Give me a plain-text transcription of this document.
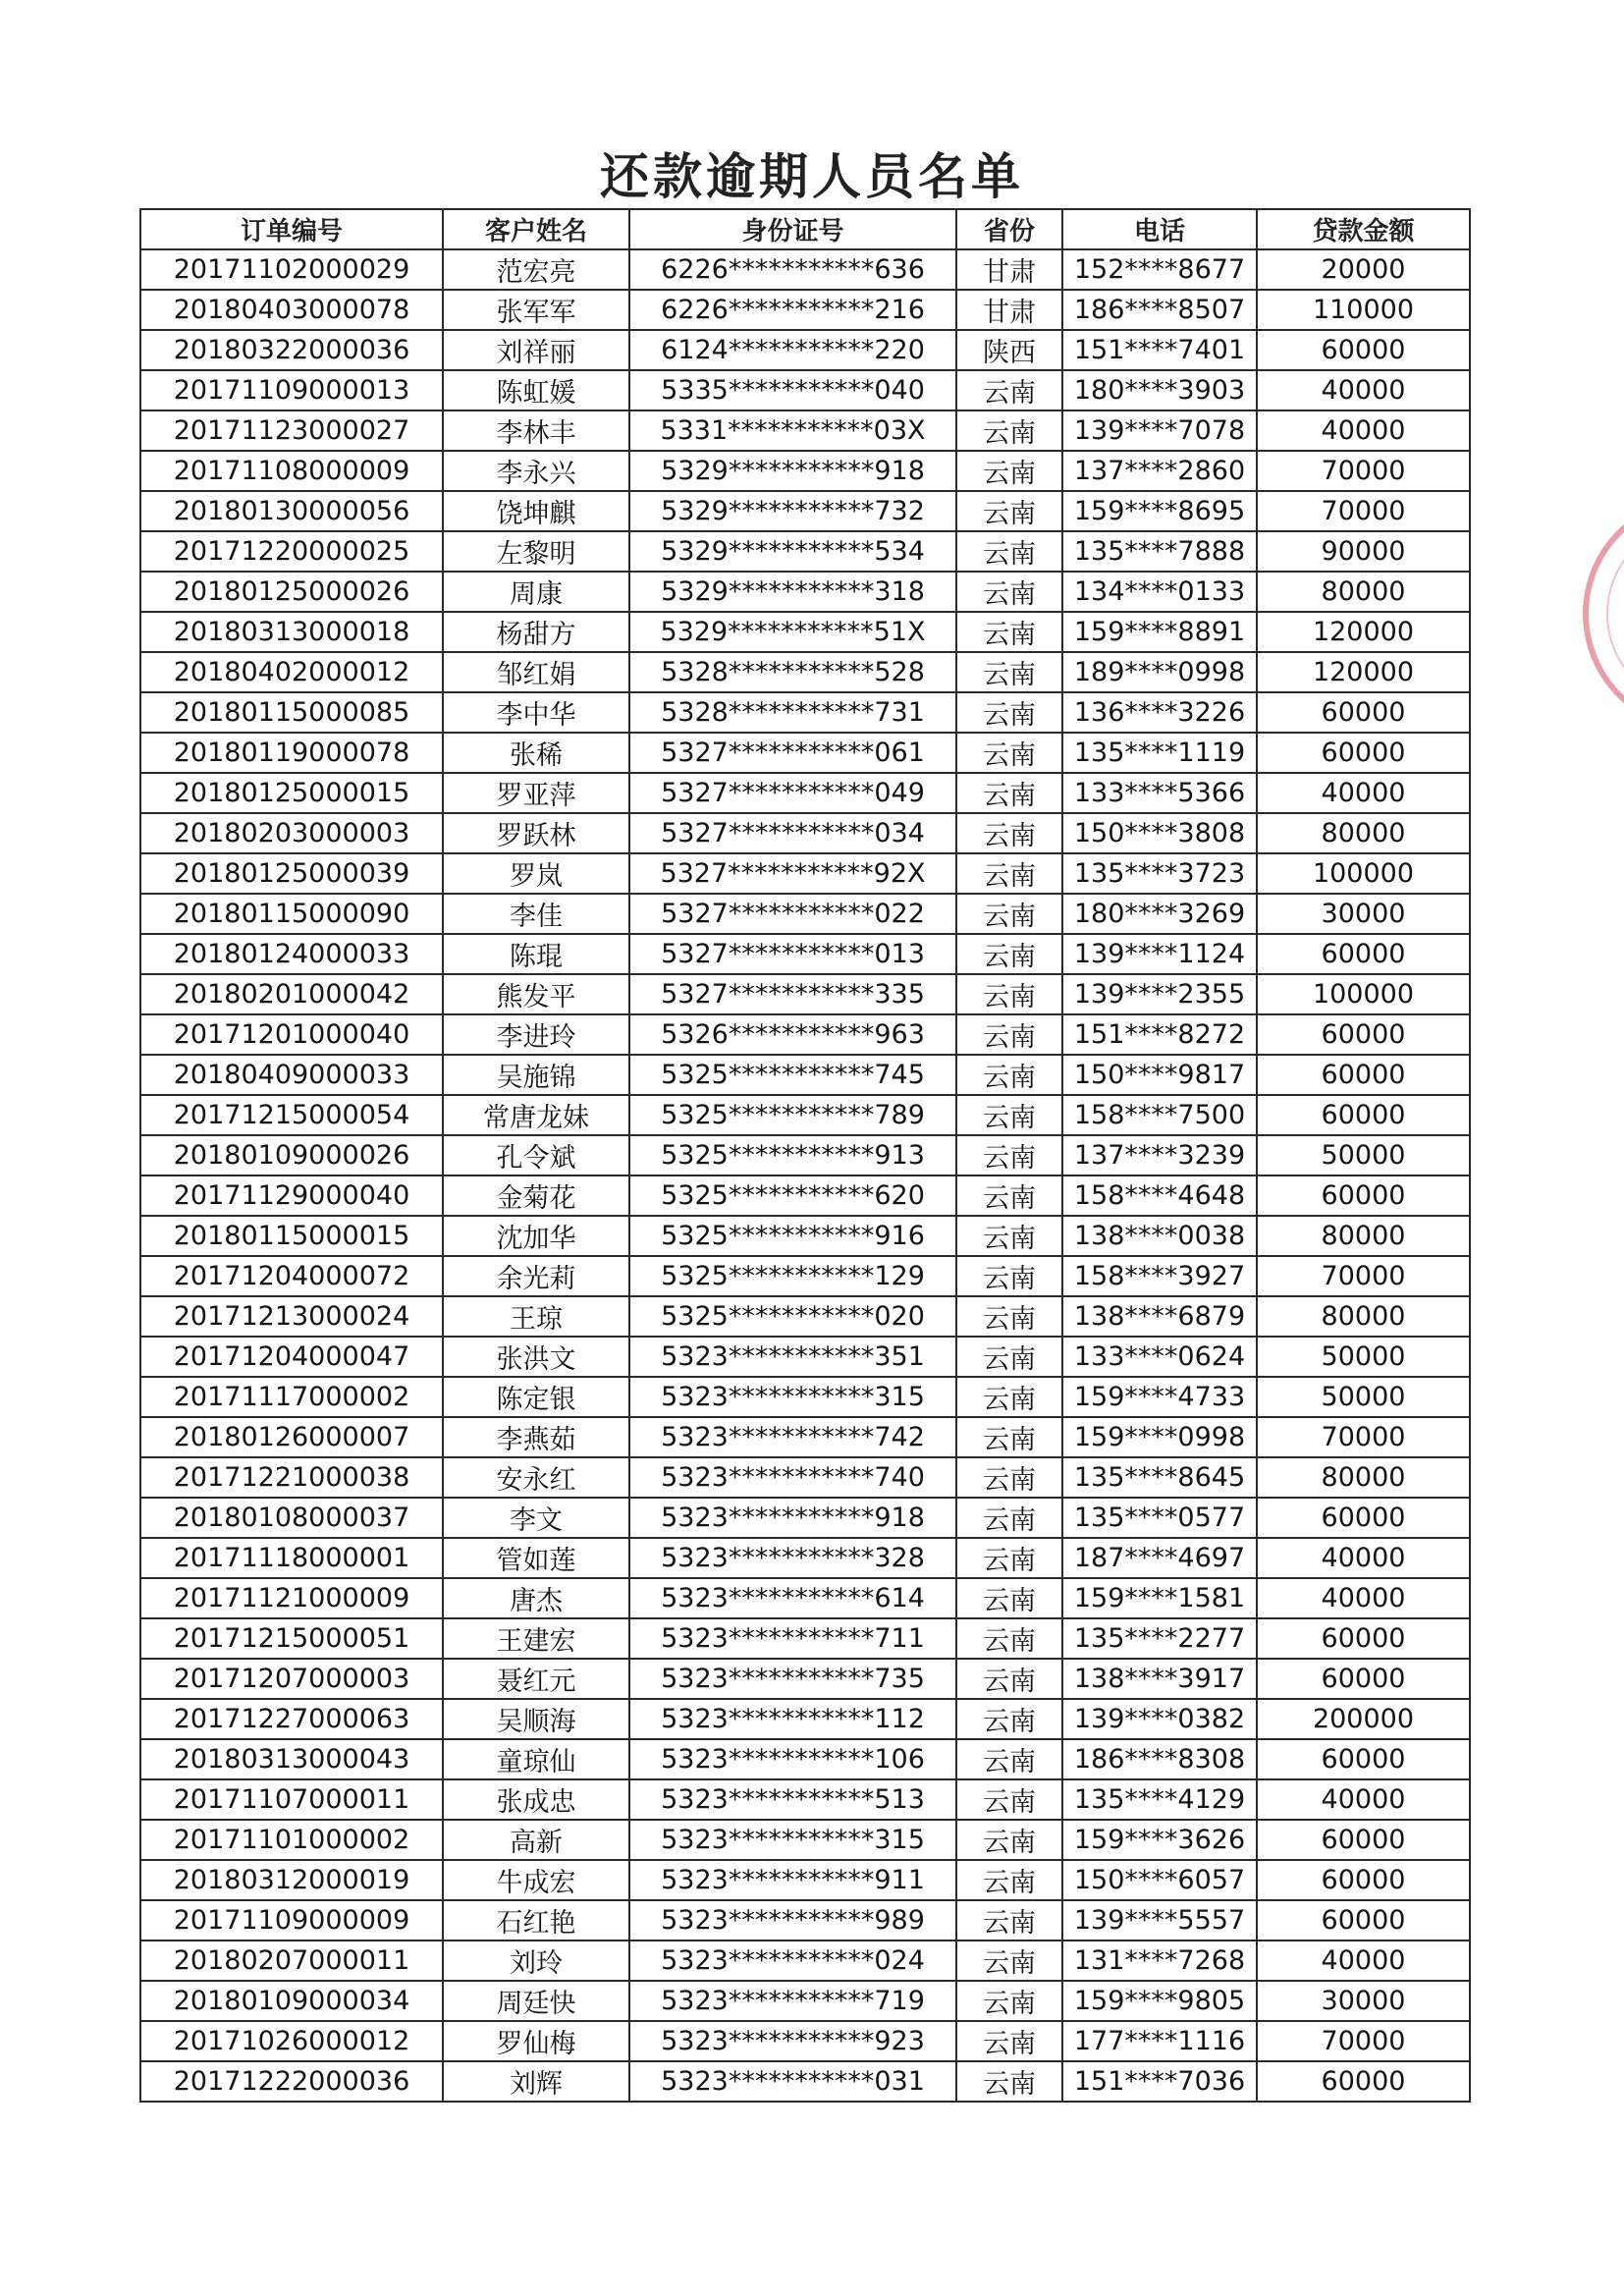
还款逾期人员名单
订单编号	客户姓名	身份证号	省份	电话	贷款金额
20171102000029	范宏亮	6226***********636	甘肃	152****8677	20000
20180403000078	张军军	6226***********216	甘肃	186****8507	110000
20180322000036	刘祥丽	6124***********220	陕西	151****7401	60000
20171109000013	陈虹媛	5335***********040	云南	180****3903	40000
20171123000027	李林丰	5331***********03X	云南	139****7078	40000
20171108000009	李永兴	5329***********918	云南	137****2860	70000
20180130000056	饶坤麒	5329***********732	云南	159****8695	70000
20171220000025	左黎明	5329***********534	云南	135****7888	90000
20180125000026	周康	5329***********318	云南	134****0133	80000
20180313000018	杨甜方	5329***********51X	云南	159****8891	120000
20180402000012	邹红娟	5328***********528	云南	189****0998	120000
20180115000085	李中华	5328***********731	云南	136****3226	60000
20180119000078	张稀	5327***********061	云南	135****1119	60000
20180125000015	罗亚萍	5327***********049	云南	133****5366	40000
20180203000003	罗跃林	5327***********034	云南	150****3808	80000
20180125000039	罗岚	5327***********92X	云南	135****3723	100000
20180115000090	李佳	5327***********022	云南	180****3269	30000
20180124000033	陈琨	5327***********013	云南	139****1124	60000
20180201000042	熊发平	5327***********335	云南	139****2355	100000
20171201000040	李进玲	5326***********963	云南	151****8272	60000
20180409000033	吴施锦	5325***********745	云南	150****9817	60000
20171215000054	常唐龙妹	5325***********789	云南	158****7500	60000
20180109000026	孔令斌	5325***********913	云南	137****3239	50000
20171129000040	金菊花	5325***********620	云南	158****4648	60000
20180115000015	沈加华	5325***********916	云南	138****0038	80000
20171204000072	余光莉	5325***********129	云南	158****3927	70000
20171213000024	王琼	5325***********020	云南	138****6879	80000
20171204000047	张洪文	5323***********351	云南	133****0624	50000
20171117000002	陈定银	5323***********315	云南	159****4733	50000
20180126000007	李燕茹	5323***********742	云南	159****0998	70000
20171221000038	安永红	5323***********740	云南	135****8645	80000
20180108000037	李文	5323***********918	云南	135****0577	60000
20171118000001	管如莲	5323***********328	云南	187****4697	40000
20171121000009	唐杰	5323***********614	云南	159****1581	40000
20171215000051	王建宏	5323***********711	云南	135****2277	60000
20171207000003	聂红元	5323***********735	云南	138****3917	60000
20171227000063	吴顺海	5323***********112	云南	139****0382	200000
20180313000043	童琼仙	5323***********106	云南	186****8308	60000
20171107000011	张成忠	5323***********513	云南	135****4129	40000
20171101000002	高新	5323***********315	云南	159****3626	60000
20180312000019	牛成宏	5323***********911	云南	150****6057	60000
20171109000009	石红艳	5323***********989	云南	139****5557	60000
20180207000011	刘玲	5323***********024	云南	131****7268	40000
20180109000034	周廷快	5323***********719	云南	159****9805	30000
20171026000012	罗仙梅	5323***********923	云南	177****1116	70000
20171222000036	刘辉	5323***********031	云南	151****7036	60000
